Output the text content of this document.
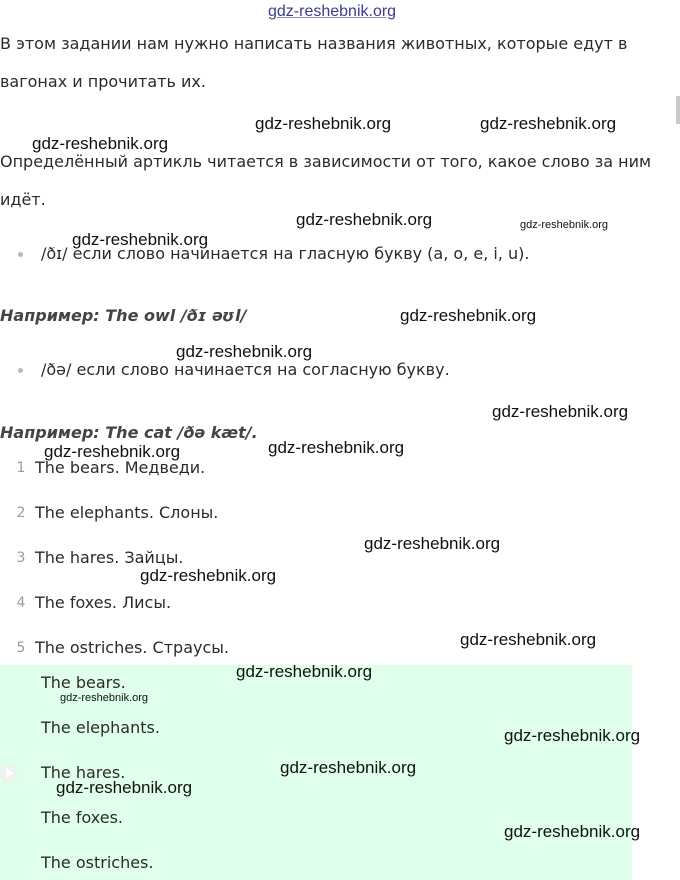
gdz-reshebnik.org

В этом задании нам нужно написать названия животных, которые едут в вагонах и прочитать их.

Определённый артикль читается в зависимости от того, какое слово за ним идёт.

/ðɪ/ если слово начинается на гласную букву (a, o, e, i, u).
Например: The owl /ðɪ əʊl/
/ðə/ если слово начинается на согласную букву.
Например: The cat /ðə kæt/.
1 The bears. Медведи.
2 The elephants. Слоны.
3 The hares. Зайцы.
4 The foxes. Лисы.
5 The ostriches. Страусы.
The bears.
The elephants.
The hares.
The foxes.
The ostriches.
gdz-reshebnik.org	gdz-reshebnik.org
gdz-reshebnik.org
gdz-reshebnik.org	gdz-reshebnik.org
gdz-reshebnik.org
gdz-reshebnik.org
gdz-reshebnik.org
gdz-reshebnik.org
gdz-reshebnik.org
gdz-reshebnik.org
gdz-reshebnik.org
gdz-reshebnik.org
gdz-reshebnik.org
gdz-reshebnik.org
gdz-reshebnik.org
gdz-reshebnik.org
gdz-reshebnik.org
gdz-reshebnik.org
gdz-reshebnik.org
